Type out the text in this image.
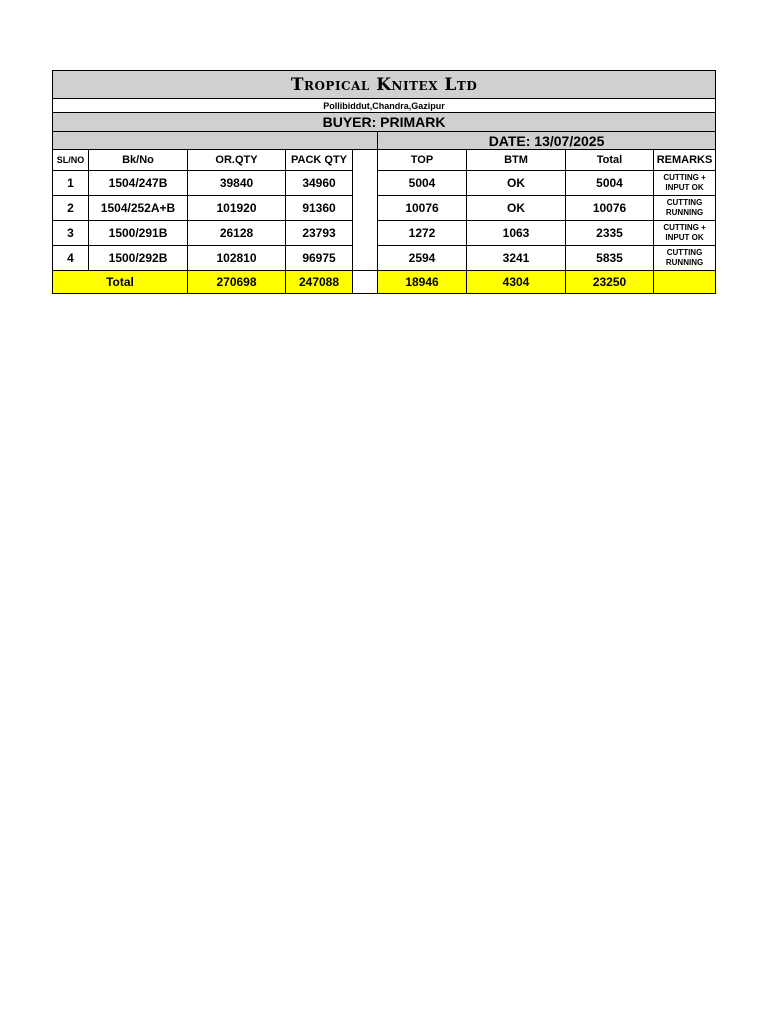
Tropical Knitex Ltd								
Pollibiddut,Chandra,Gazipur								
BUYER: PRIMARK								
					DATE: 13/07/2025			
SL/NO	Bk/No	OR.QTY	PACK QTY		TOP	BTM	Total	REMARKS
1	1504/247B	39840	34960		5004	OK	5004	CUTTING + INPUT OK
2	1504/252A+B	101920	91360		10076	OK	10076	CUTTING RUNNING
3	1500/291B	26128	23793		1272	1063	2335	CUTTING + INPUT OK
4	1500/292B	102810	96975		2594	3241	5835	CUTTING RUNNING
Total		270698	247088		18946	4304	23250	
